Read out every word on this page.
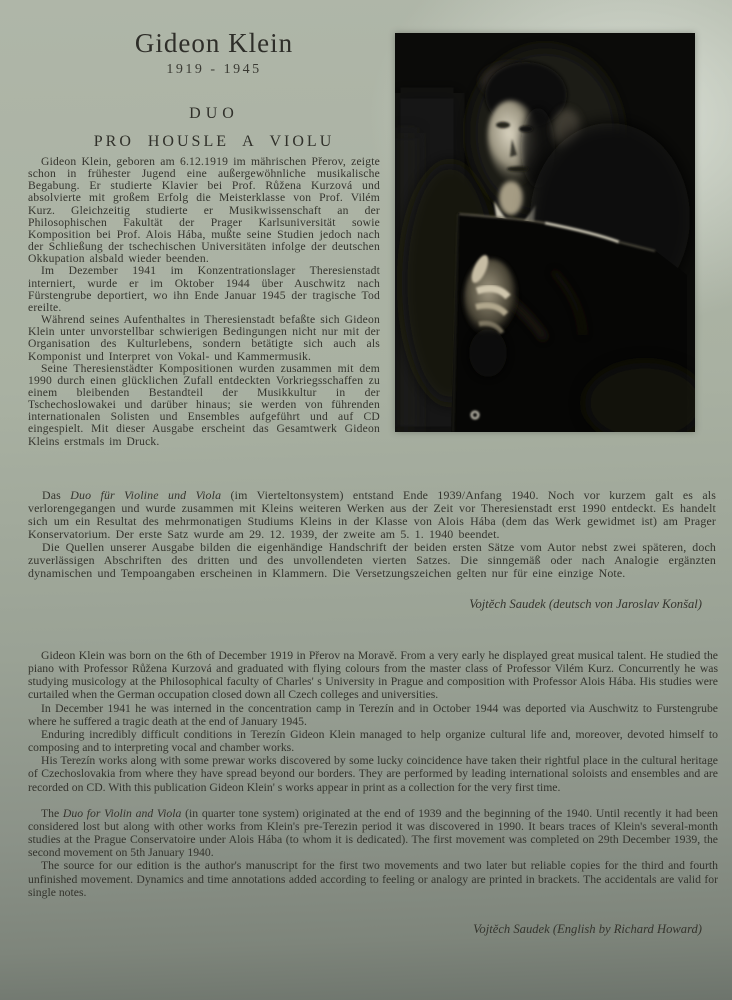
Gideon Klein
1919 - 1945
DUO
PRO HOUSLE A VIOLU

Gideon Klein, geboren am 6.12.1919 im mährischen Přerov, zeigte schon in frühester Jugend eine außergewöhnliche musikalische Begabung. Er studierte Klavier bei Prof. Růžena Kurzová und absolvierte mit großem Erfolg die Meisterklasse von Prof. Vilém Kurz. Gleichzeitig studierte er Musikwissenschaft an der Philosophischen Fakultät der Prager Karlsuniversität sowie Komposition bei Prof. Alois Hába, mußte seine Studien jedoch nach der Schließung der tschechischen Universitäten infolge der deutschen Okkupation alsbald wieder beenden.

Im Dezember 1941 im Konzentrationslager Theresienstadt interniert, wurde er im Oktober 1944 über Auschwitz nach Fürstengrube deportiert, wo ihn Ende Januar 1945 der tragische Tod ereilte.

Während seines Aufenthaltes in Theresienstadt befaßte sich Gideon Klein unter unvorstellbar schwierigen Bedingungen nicht nur mit der Organisation des Kulturlebens, sondern betätigte sich auch als Komponist und Interpret von Vokal- und Kammermusik.

Seine Theresienstädter Kompositionen wurden zusammen mit dem 1990 durch einen glücklichen Zufall entdeckten Vorkriegsschaffen zu einem bleibenden Bestandteil der Musikkultur in der Tschechoslowakei und darüber hinaus; sie werden von führenden internationalen Solisten und Ensembles aufgeführt und auf CD eingespielt. Mit dieser Ausgabe erscheint das Gesamtwerk Gideon Kleins erstmals im Druck.

Das Duo für Violine und Viola (im Vierteltonsystem) entstand Ende 1939/Anfang 1940. Noch vor kurzem galt es als verlorengegangen und wurde zusammen mit Kleins weiteren Werken aus der Zeit vor Theresienstadt erst 1990 entdeckt. Es handelt sich um ein Resultat des mehrmonatigen Studiums Kleins in der Klasse von Alois Hába (dem das Werk gewidmet ist) am Prager Konservatorium. Der erste Satz wurde am 29. 12. 1939, der zweite am 5. 1. 1940 beendet.

Die Quellen unserer Ausgabe bilden die eigenhändige Handschrift der beiden ersten Sätze vom Autor nebst zwei späteren, doch zuverlässigen Abschriften des dritten und des unvollendeten vierten Satzes. Die sinngemäß oder nach Analogie ergänzten dynamischen und Tempoangaben erscheinen in Klammern. Die Versetzungszeichen gelten nur für eine einzige Note.

Vojtěch Saudek (deutsch von Jaroslav Konšal)

Gideon Klein was born on the 6th of December 1919 in Přerov na Moravě. From a very early he displayed great musical talent. He studied the piano with Professor Růžena Kurzová and graduated with flying colours from the master class of Professor Vilém Kurz. Concurrently he was studying musicology at the Philosophical faculty of Charles' s University in Prague and composition with Professor Alois Hába. His studies were curtailed when the German occupation closed down all Czech colleges and universities.

In December 1941 he was interned in the concentration camp in Terezín and in October 1944 was deported via Auschwitz to Furstengrube where he suffered a tragic death at the end of January 1945.

Enduring incredibly difficult conditions in Terezín Gideon Klein managed to help organize cultural life and, moreover, devoted himself to composing and to interpreting vocal and chamber works.

His Terezín works along with some prewar works discovered by some lucky coincidence have taken their rightful place in the cultural heritage of Czechoslovakia from where they have spread beyond our borders. They are performed by leading international soloists and ensembles and are recorded on CD. With this publication Gideon Klein' s works appear in print as a collection for the very first time.

The Duo for Violin and Viola (in quarter tone system) originated at the end of 1939 and the beginning of the 1940. Until recently it had been considered lost but along with other works from Klein's pre-Terezin period it was discovered in 1990. It bears traces of Klein's several-month studies at the Prague Conservatoire under Alois Hába (to whom it is dedicated). The first movement was completed on 29th December 1939, the second movement on 5th January 1940.

The source for our edition is the author's manuscript for the first two movements and two later but reliable copies for the third and fourth unfinished movement. Dynamics and time annotations added according to feeling or analogy are printed in brackets. The accidentals are valid for single notes.

Vojtěch Saudek (English by Richard Howard)
